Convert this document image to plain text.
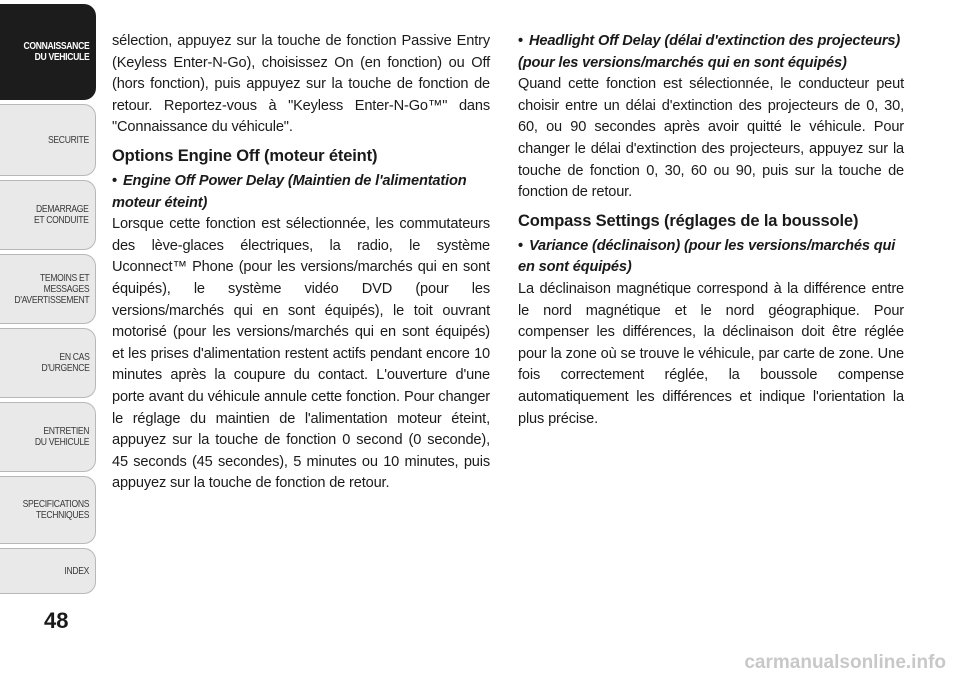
CONNAISSANCE
DU VEHICULE
SECURITE
DEMARRAGE
ET CONDUITE
TEMOINS ET
MESSAGES
D'AVERTISSEMENT
EN CAS
D'URGENCE
ENTRETIEN
DU VEHICULE
SPECIFICATIONS
TECHNIQUES
INDEX
48

sélection, appuyez sur la touche de fonction Passive Entry (Keyless Enter-N-Go), choisissez On (en fonction) ou Off (hors fonction), puis appuyez sur la touche de fonction de retour. Reportez-vous à "Keyless Enter-N-Go™" dans "Connaissance du véhicule".

Options Engine Off (moteur éteint)

• Engine Off Power Delay (Maintien de l'alimentation moteur éteint)

Lorsque cette fonction est sélectionnée, les commutateurs des lève-glaces électriques, la radio, le système Uconnect™ Phone (pour les versions/marchés qui en sont équipés), le système vidéo DVD (pour les versions/marchés qui en sont équipés), le toit ouvrant motorisé (pour les versions/marchés qui en sont équipés) et les prises d'alimentation restent actifs pendant encore 10 minutes après la coupure du contact. L'ouverture d'une porte avant du véhicule annule cette fonction. Pour changer le réglage du maintien de l'alimentation moteur éteint, appuyez sur la touche de fonction 0 second (0 seconde), 45 seconds (45 secondes), 5 minutes ou 10 minutes, puis appuyez sur la touche de fonction de retour.

• Headlight Off Delay (délai d'extinction des projecteurs) (pour les versions/marchés qui en sont équipés)

Quand cette fonction est sélectionnée, le conducteur peut choisir entre un délai d'extinction des projecteurs de 0, 30, 60, ou 90 secondes après avoir quitté le véhicule. Pour changer le délai d'extinction des projecteurs, appuyez sur la touche de fonction 0, 30, 60 ou 90, puis sur la touche de fonction de retour.

Compass Settings (réglages de la boussole)

• Variance (déclinaison) (pour les versions/marchés qui en sont équipés)

La déclinaison magnétique correspond à la différence entre le nord magnétique et le nord géographique. Pour compenser les différences, la déclinaison doit être réglée pour la zone où se trouve le véhicule, par carte de zone. Une fois correctement réglée, la boussole compense automatiquement les différences et indique l'orientation la plus précise.

carmanualsonline.info
